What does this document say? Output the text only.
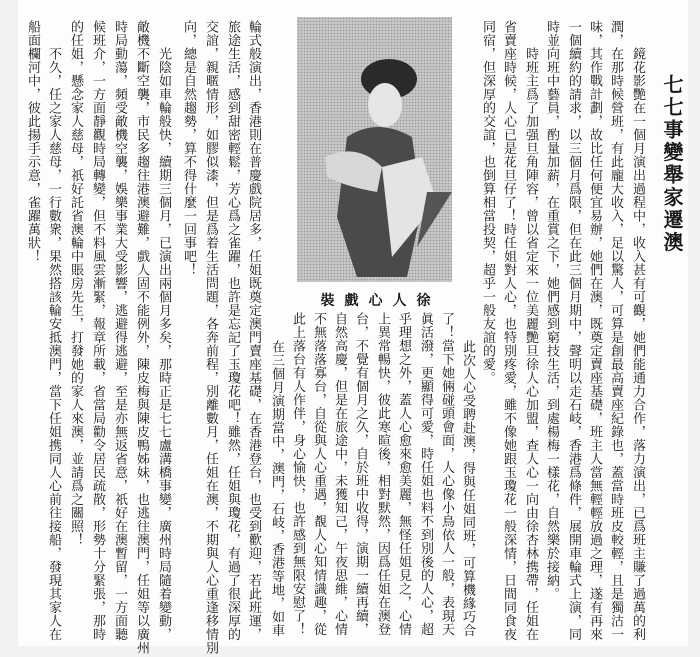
七七事變舉家遷澳
鏡花影艷在一個月演出過程中，收入甚有可觀，她們能通力合作，落力演出，已爲班主賺了過萬的利
潤，在那時候營班，有此龐大收入，足以驚人，可算是創最高賣座紀錄也，蓋當時班皮較輕，且是獨沽一
味，其作戰計劃，故比任何便宜易辦，她們在澳，既奠定賣座基礎，班主人當無輕輕放過之理，遂有再來
一個續約的請求，以三個月爲限，但在此三個月期中，聲明以走石岐，香港爲條件，展開車輪式上演，同
時並向班中藝員，酌量加薪，在重賞之下，她們感到窮技生活，到處楊梅一樣花，自然樂於接納。
時班主爲了加强旦角陣容，曾以省定來一位美麗艷旦徐人心加盟，查人心一向由徐杏林携帶，任姐在
省賣座時候，人心已是花旦仔了！時任姐對人心，也特別疼愛，雖不像她跟玉瓊花一般深情，日間同食夜
同宿，但深厚的交誼，也倒算相當投契，超乎一般友誼的愛。
徐人心戲裝
此次人心受聘赴澳，得與任姐同班，可算機緣巧合
了！當下她倆碰頭會面，人心像小鳥依人一般，表現天
眞活潑，更顯得可愛，時任姐也料不到別後的人心，超
乎理想之外，蓋人心愈來愈美麗，無怪任姐見之，心情
上異常暢快，彼此寒暄後，相對默然，因爲任姐在澳登
台，不覺有個月之久，自於班中收得，演期一續再續，
自然高慶，但是在旅途中，未獲知己，午夜思維，心情
不無落落寡台，自從與人心重遇，覩人心知情識趣，從
此上落台有人作伴，身心愉快，也許感到無限安慰了！
在三個月演期當中，澳門，石岐，香港等地，如車
輪式般演出，香港則在普慶戲院居多，任姐既奠定澳門賣座基礎，在香港登台，也受到歡迎，若此班運，
旅途生活，感到甜密輕鬆，芳心爲之雀躍，也許是忘記了玉瓊花吧！雖然，任姐與瓊花，有過了很深厚的
交誼，親暱情形，如膠似漆，但是爲着生活問題，各奔前程，別離數月，任姐在澳，不期與人心重逢移情別
向，總是自然趨勢，算不得什麼一回事吧！
光陰如車輪般快，續期三個月，已演出兩個月多矣，那時正是七七盧溝橋事變，廣州時局隨着變動，
敵機不斷空襲，市民多趨往港澳避難，戲人固不能例外，陳皮梅與陳皮鴨姊妹，也逃往澳門，任姐等以廣州
時局動蕩，頻受敵機空襲，娛樂事業大受影響，逃避得逃避，至是亦無返省意，祇好在澳暫留，一方面聽
候班介，一方面靜觀時局轉變，但不料風雲漸緊，報章所載，省當局勸令居民疏散，形勢十分緊張，那時
的任姐，懸念家人慈母，祇好託省澳輪中賬房先生，打發她的家人來澳，並請爲之關照！
不久，任之家人慈母，一行數衆，果然搭該輪安抵澳門，當下任姐携同人心前往接船，發現其家人在
船面欄河中，彼此揚手示意，雀躍萬狀！
